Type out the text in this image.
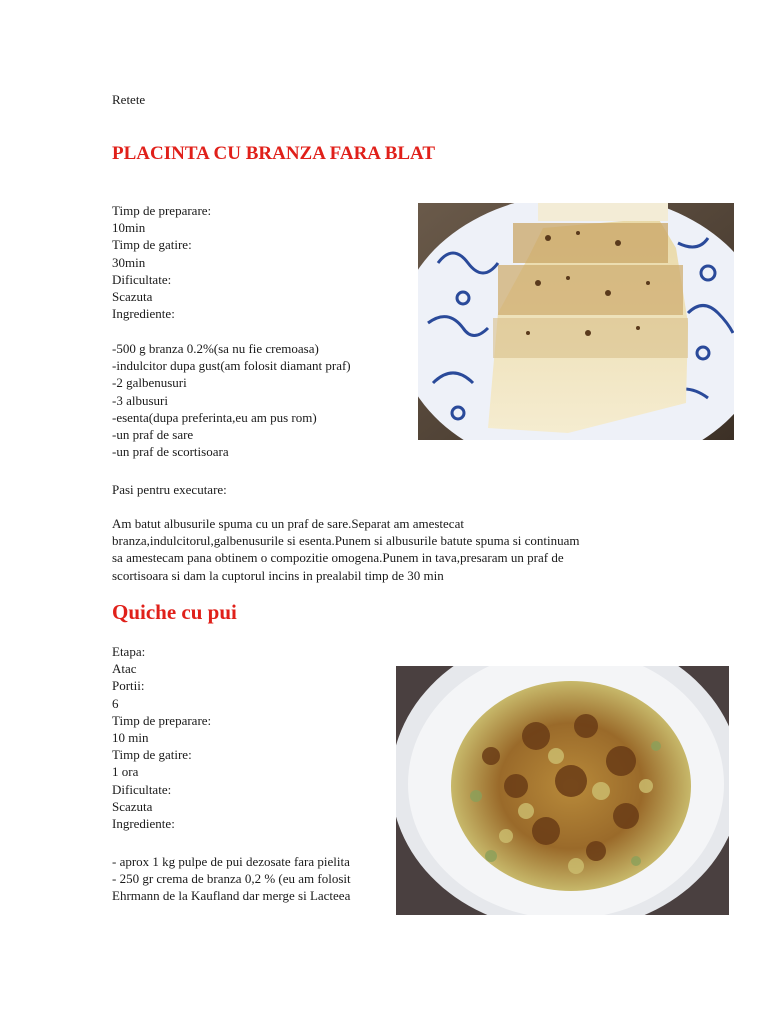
Retete
PLACINTA CU BRANZA FARA BLAT
Timp de preparare:
10min
Timp de gatire:
30min
Dificultate:
Scazuta
Ingrediente:
-500 g branza 0.2%(sa nu fie cremoasa)
-indulcitor dupa gust(am folosit diamant praf)
-2 galbenusuri
-3 albusuri
-esenta(dupa preferinta,eu am pus rom)
-un praf de sare
-un praf de scortisoara
Pasi pentru executare:
Am batut albusurile spuma cu un praf de sare.Separat am amestecat
branza,indulcitorul,galbenusurile si esenta.Punem si albusurile batute spuma si continuam
sa amestecam pana obtinem o compozitie omogena.Punem in tava,presaram un praf de
scortisoara si dam la cuptorul incins in prealabil timp de 30 min
Quiche cu pui
Etapa:
Atac
Portii:
6
Timp de preparare:
10 min
Timp de gatire:
1 ora
Dificultate:
Scazuta
Ingrediente:
- aprox 1 kg pulpe de pui dezosate fara pielita
- 250 gr crema de branza 0,2 % (eu am folosit
Ehrmann de la Kaufland dar merge si Lacteea
